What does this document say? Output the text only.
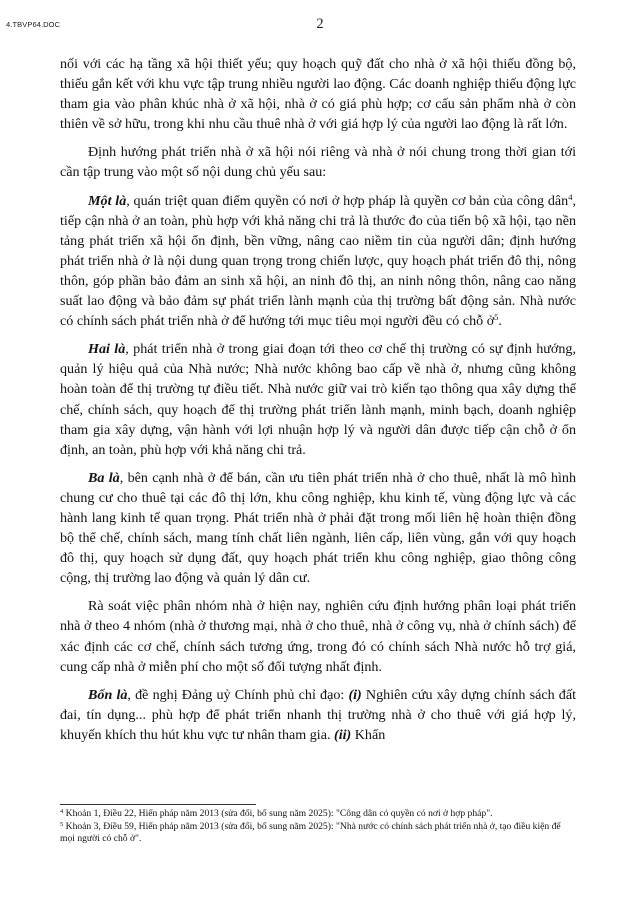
4.TBVP64.DOC	2

nối với các hạ tầng xã hội thiết yếu; quy hoạch quỹ đất cho nhà ở xã hội thiếu đồng bộ, thiếu gắn kết với khu vực tập trung nhiều người lao động. Các doanh nghiệp thiếu động lực tham gia vào phân khúc nhà ở xã hội, nhà ở có giá phù hợp; cơ cấu sản phẩm nhà ở còn thiên về sở hữu, trong khi nhu cầu thuê nhà ở với giá hợp lý của người lao động là rất lớn.

Định hướng phát triển nhà ở xã hội nói riêng và nhà ở nói chung trong thời gian tới cần tập trung vào một số nội dung chủ yếu sau:

Một là, quán triệt quan điểm quyền có nơi ở hợp pháp là quyền cơ bản của công dân$^4$, tiếp cận nhà ở an toàn, phù hợp với khả năng chi trả là thước đo của tiến bộ xã hội, tạo nền tảng phát triển xã hội ổn định, bền vững, nâng cao niềm tin của người dân; định hướng phát triển nhà ở là nội dung quan trọng trong chiến lược, quy hoạch phát triển đô thị, nông thôn, góp phần bảo đảm an sinh xã hội, an ninh đô thị, an ninh nông thôn, nâng cao năng suất lao động và bảo đảm sự phát triển lành mạnh của thị trường bất động sản. Nhà nước có chính sách phát triển nhà ở để hướng tới mục tiêu mọi người đều có chỗ ở$^5$.

Hai là, phát triển nhà ở trong giai đoạn tới theo cơ chế thị trường có sự định hướng, quản lý hiệu quả của Nhà nước; Nhà nước không bao cấp về nhà ở, nhưng cũng không hoàn toàn để thị trường tự điều tiết. Nhà nước giữ vai trò kiến tạo thông qua xây dựng thể chế, chính sách, quy hoạch để thị trường phát triển lành mạnh, minh bạch, doanh nghiệp tham gia xây dựng, vận hành với lợi nhuận hợp lý và người dân được tiếp cận chỗ ở ổn định, an toàn, phù hợp với khả năng chi trả.

Ba là, bên cạnh nhà ở để bán, cần ưu tiên phát triển nhà ở cho thuê, nhất là mô hình chung cư cho thuê tại các đô thị lớn, khu công nghiệp, khu kinh tế, vùng động lực và các hành lang kinh tế quan trọng. Phát triển nhà ở phải đặt trong mối liên hệ hoàn thiện đồng bộ thể chế, chính sách, mang tính chất liên ngành, liên cấp, liên vùng, gắn với quy hoạch đô thị, quy hoạch sử dụng đất, quy hoạch phát triển khu công nghiệp, giao thông công cộng, thị trường lao động và quản lý dân cư.

Rà soát việc phân nhóm nhà ở hiện nay, nghiên cứu định hướng phân loại phát triển nhà ở theo 4 nhóm (nhà ở thương mại, nhà ở cho thuê, nhà ở công vụ, nhà ở chính sách) để xác định các cơ chế, chính sách tương ứng, trong đó có chính sách Nhà nước hỗ trợ giá, cung cấp nhà ở miễn phí cho một số đối tượng nhất định.

Bốn là, đề nghị Đảng uỷ Chính phủ chỉ đạo: (i) Nghiên cứu xây dựng chính sách đất đai, tín dụng... phù hợp để phát triển nhanh thị trường nhà ở cho thuê với giá hợp lý, khuyến khích thu hút khu vực tư nhân tham gia. (ii) Khẩn

$^4$ Khoản 1, Điều 22, Hiến pháp năm 2013 (sửa đổi, bổ sung năm 2025): "Công dân có quyền có nơi ở hợp pháp".

$^5$ Khoản 3, Điều 59, Hiến pháp năm 2013 (sửa đổi, bổ sung năm 2025): "Nhà nước có chính sách phát triển nhà ở, tạo điều kiện để mọi người có chỗ ở".
